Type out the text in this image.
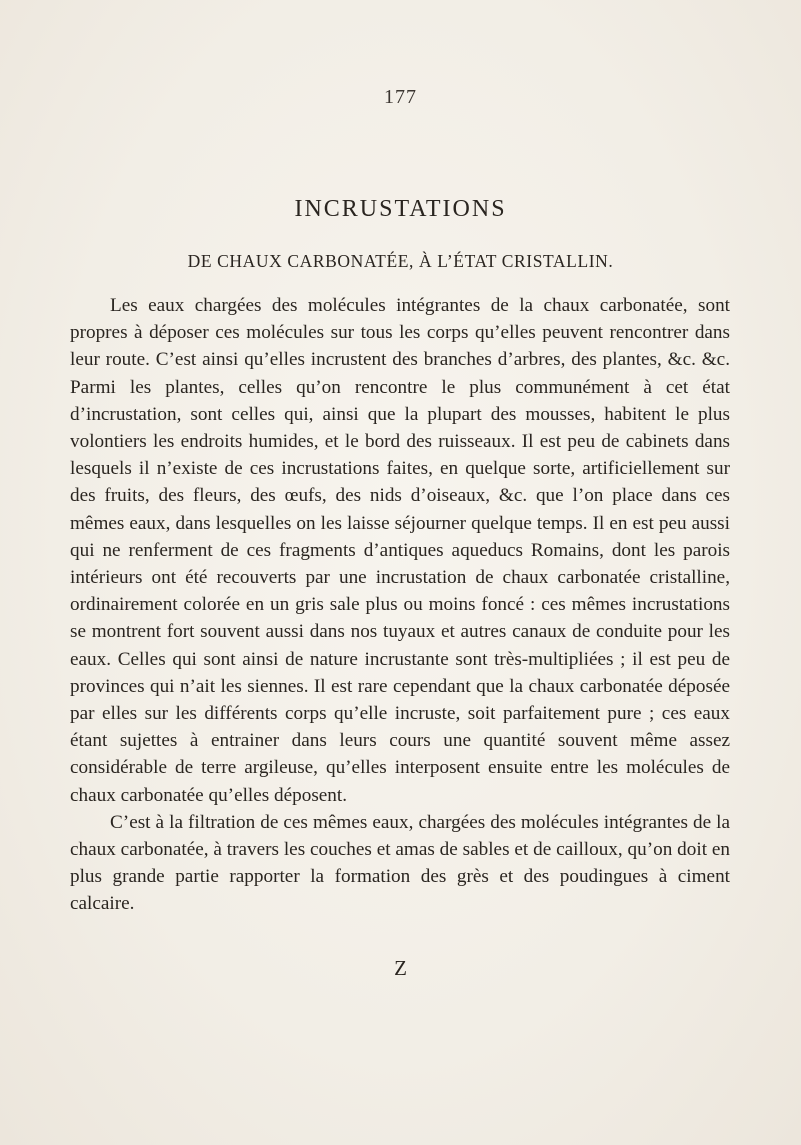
177
INCRUSTATIONS
DE CHAUX CARBONATÉE, À L’ÉTAT CRISTALLIN.

Les eaux chargées des molécules intégrantes de la chaux carbonatée, sont propres à déposer ces molécules sur tous les corps qu’elles peuvent rencontrer dans leur route. C’est ainsi qu’elles incrustent des branches d’arbres, des plantes, &c. &c. Parmi les plantes, celles qu’on rencontre le plus communément à cet état d’incrustation, sont celles qui, ainsi que la plupart des mousses, habitent le plus volontiers les endroits humides, et le bord des ruisseaux. Il est peu de cabinets dans lesquels il n’existe de ces incrustations faites, en quelque sorte, artificiellement sur des fruits, des fleurs, des œufs, des nids d’oiseaux, &c. que l’on place dans ces mêmes eaux, dans lesquelles on les laisse séjourner quelque temps. Il en est peu aussi qui ne renferment de ces fragments d’antiques aqueducs Romains, dont les parois intérieurs ont été recouverts par une incrustation de chaux carbonatée cristalline, ordinairement colorée en un gris sale plus ou moins foncé : ces mêmes incrustations se montrent fort souvent aussi dans nos tuyaux et autres canaux de conduite pour les eaux. Celles qui sont ainsi de nature incrustante sont très-multipliées ; il est peu de provinces qui n’ait les siennes. Il est rare cependant que la chaux carbonatée déposée par elles sur les différents corps qu’elle incruste, soit parfaitement pure ; ces eaux étant sujettes à entrainer dans leurs cours une quantité souvent même assez considérable de terre argileuse, qu’elles interposent ensuite entre les molécules de chaux carbonatée qu’elles déposent.

C’est à la filtration de ces mêmes eaux, chargées des molécules intégrantes de la chaux carbonatée, à travers les couches et amas de sables et de cailloux, qu’on doit en plus grande partie rapporter la formation des grès et des poudingues à ciment calcaire.

Z
